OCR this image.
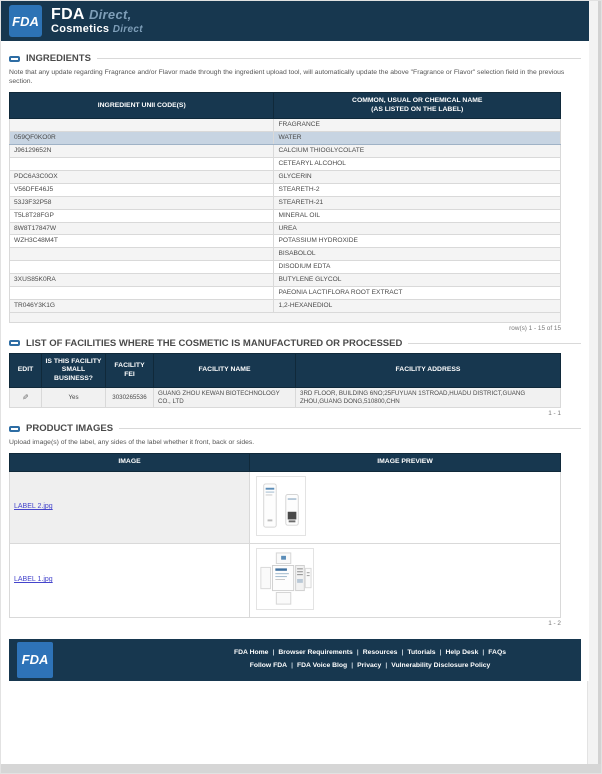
FDA FDA Direct,
Cosmetics Direct
INGREDIENTS
Note that any update regarding Fragrance and/or Flavor made through the ingredient upload tool, will automatically update the above "Fragrance or Flavor" selection field in the previous section.
INGREDIENT UNII CODE(S)	COMMON, USUAL OR CHEMICAL NAME
(AS LISTED ON THE LABEL)

	FRAGRANCE
059QF0KO0R	WATER
J96129652N	CALCIUM THIOGLYCOLATE
	CETEARYL ALCOHOL
PDC6A3C0OX	GLYCERIN
V56DFE46J5	STEARETH-2
53J3F32P58	STEARETH-21
T5L8T28FGP	MINERAL OIL
8W8T17847W	UREA
WZH3C48M4T	POTASSIUM HYDROXIDE
	BISABOLOL
	DISODIUM EDTA
3XUS85K0RA	BUTYLENE GLYCOL
	PAEONIA LACTIFLORA ROOT EXTRACT
TR046Y3K1G	1,2-HEXANEDIOL

row(s) 1 - 15 of 15
LIST OF FACILITIES WHERE THE COSMETIC IS MANUFACTURED OR PROCESSED
EDIT	IS THIS FACILITY SMALL BUSINESS?	FACILITY FEI	FACILITY NAME	FACILITY ADDRESS
✎	Yes	3030265536	GUANG ZHOU KEWAN BIOTECHNOLOGY CO., LTD	3RD FLOOR, BUILDING 6NO;25FUYUAN 1STROAD,HUADU DISTRICT,GUANG ZHOU,GUANG DONG,510800,CHN
1 - 1
PRODUCT IMAGES
Upload image(s) of the label, any sides of the label whether it front, back or sides.
IMAGE	IMAGE PREVIEW
LABEL 2.jpg	
LABEL 1.jpg	
1 - 2
FDA	FDA Home | Browser Requirements | Resources | Tutorials | Help Desk | FAQs
Follow FDA | FDA Voice Blog | Privacy | Vulnerability Disclosure Policy
